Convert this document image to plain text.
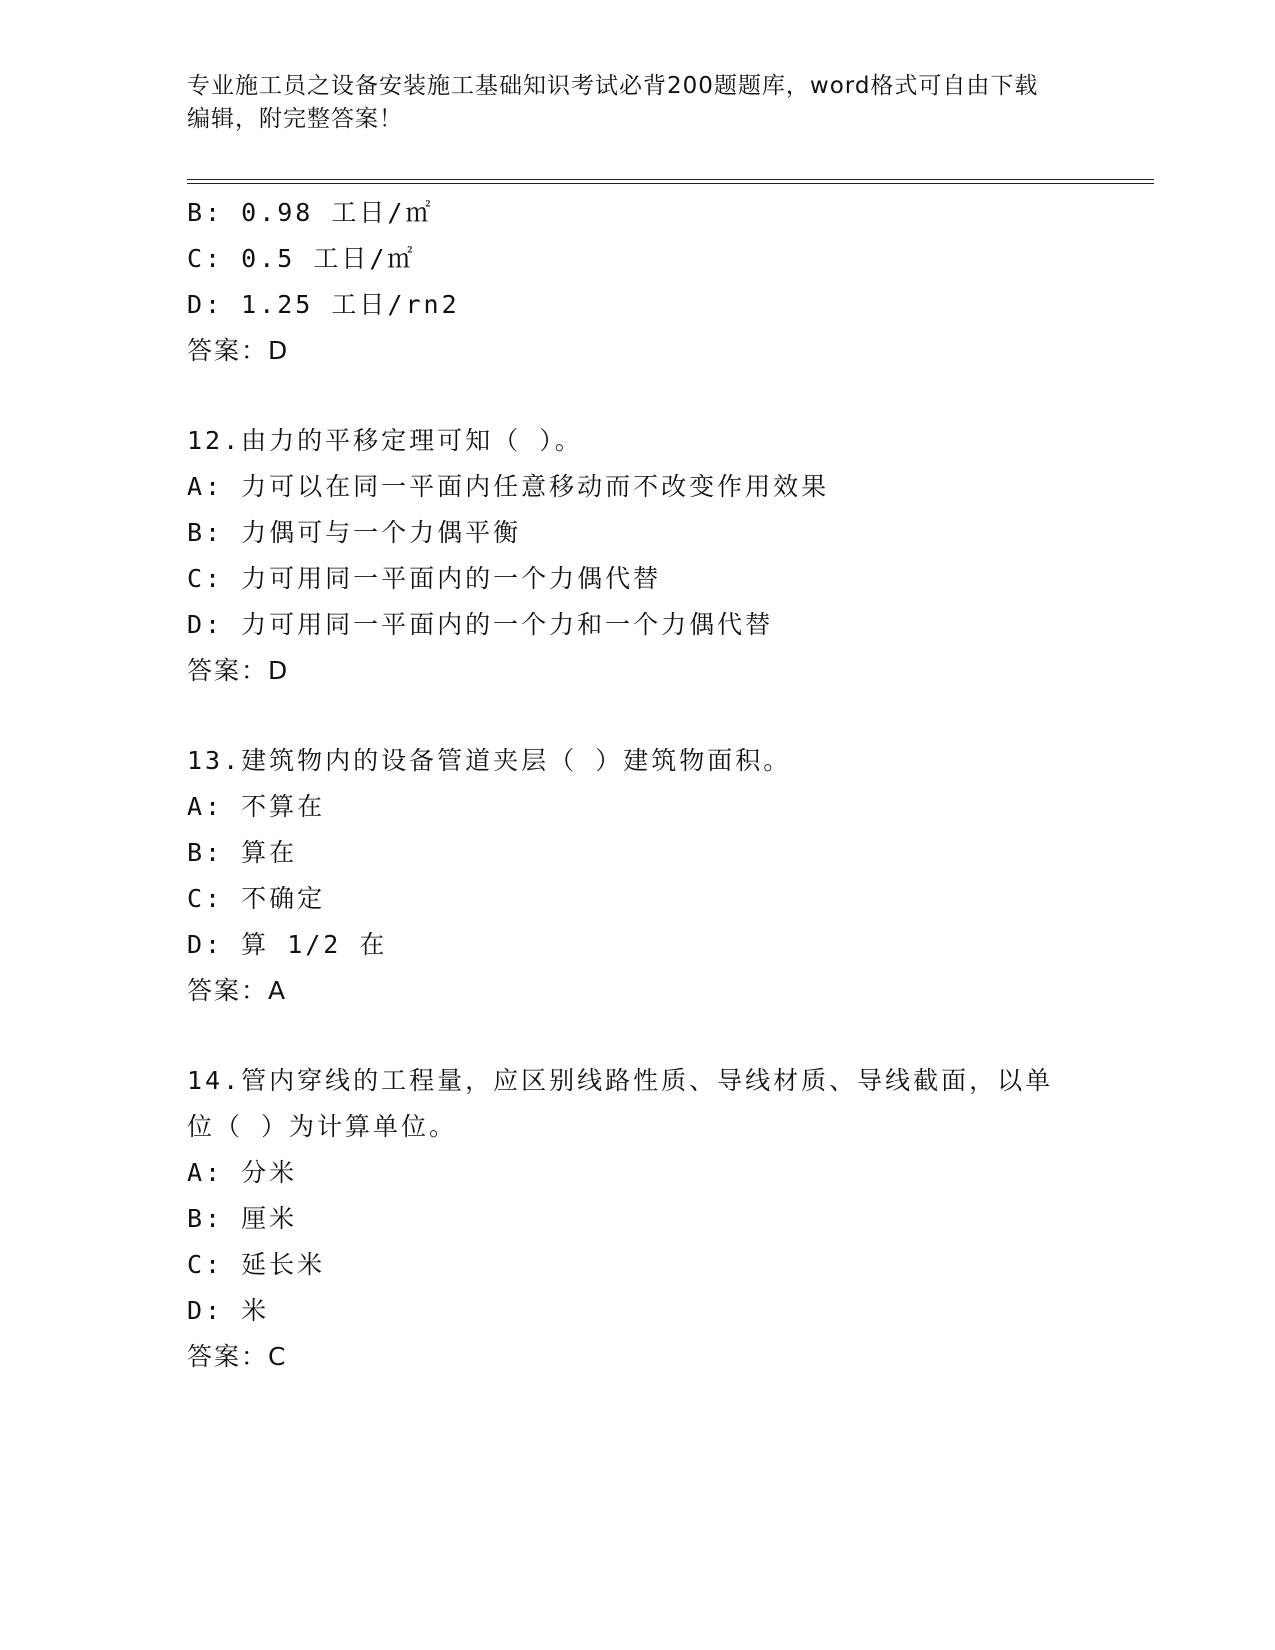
专业施工员之设备安装施工基础知识考试必背200题题库，word格式可自由下载
编辑，附完整答案！
B: 0.98 工日/㎡
C: 0.5 工日/㎡
D: 1.25 工日/rn2
答案：D
12.由力的平移定理可知（ ）。
A: 力可以在同一平面内任意移动而不改变作用效果
B: 力偶可与一个力偶平衡
C: 力可用同一平面内的一个力偶代替
D: 力可用同一平面内的一个力和一个力偶代替
答案：D
13.建筑物内的设备管道夹层（ ）建筑物面积。
A: 不算在
B: 算在
C: 不确定
D: 算 1/2 在
答案：A
14.管内穿线的工程量，应区别线路性质、导线材质、导线截面，以单
位（ ）为计算单位。
A: 分米
B: 厘米
C: 延长米
D: 米
答案：C
